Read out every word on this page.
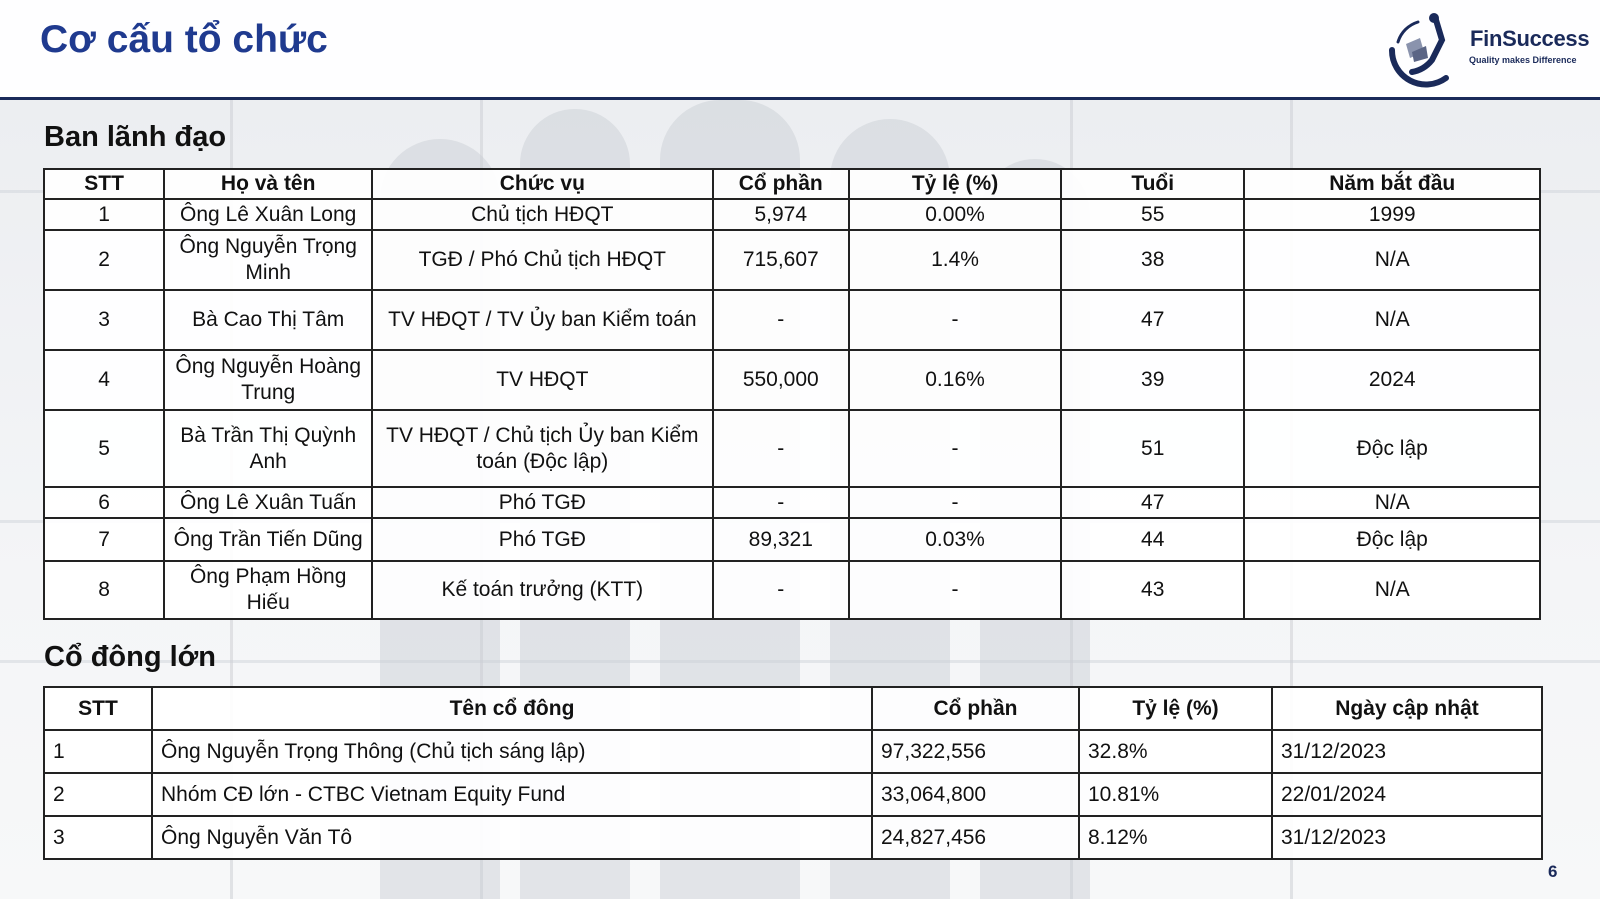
Cơ cấu tổ chức	FinSuccess
Quality makes Difference
Ban lãnh đạo
STT	Họ và tên	Chức vụ	Cổ phần	Tỷ lệ (%)	Tuổi	Năm bắt đầu
1	Ông Lê Xuân Long	Chủ tịch HĐQT	5,974	0.00%	55	1999
2	Ông Nguyễn Trọng Minh	TGĐ / Phó Chủ tịch HĐQT	715,607	1.4%	38	N/A
3	Bà Cao Thị Tâm	TV HĐQT / TV Ủy ban Kiểm toán	-	-	47	N/A
4	Ông Nguyễn Hoàng Trung	TV HĐQT	550,000	0.16%	39	2024
5	Bà Trần Thị Quỳnh Anh	TV HĐQT / Chủ tịch Ủy ban Kiểm toán (Độc lập)	-	-	51	Độc lập
6	Ông Lê Xuân Tuấn	Phó TGĐ	-	-	47	N/A
7	Ông Trần Tiến Dũng	Phó TGĐ	89,321	0.03%	44	Độc lập
8	Ông Phạm Hồng Hiếu	Kế toán trưởng (KTT)	-	-	43	N/A
Cổ đông lớn
STT	Tên cổ đông	Cổ phần	Tỷ lệ (%)	Ngày cập nhật
1	Ông Nguyễn Trọng Thông (Chủ tịch sáng lập)	97,322,556	32.8%	31/12/2023
2	Nhóm CĐ lớn - CTBC Vietnam Equity Fund	33,064,800	10.81%	22/01/2024
3	Ông Nguyễn Văn Tô	24,827,456	8.12%	31/12/2023
6
